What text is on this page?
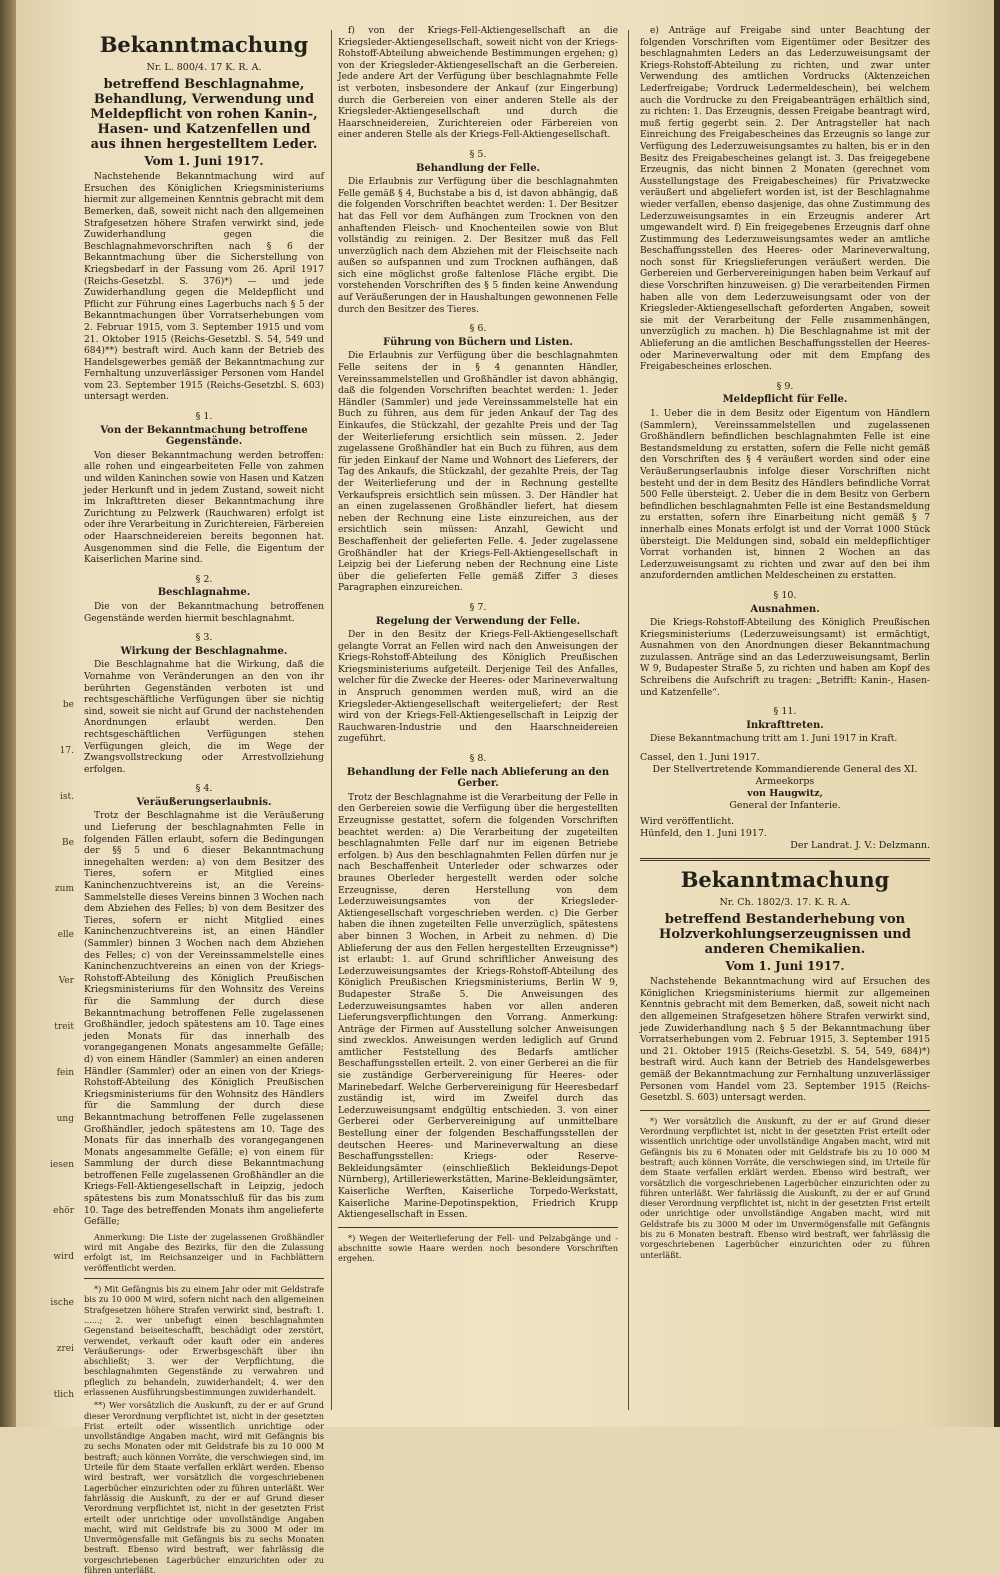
be
17.
ist.
Be
zum
elle
Ver
treit
fein
ung
iesen
ehör
wird
ische
zrei
tlich
Bekanntmachung
Nr. L. 800/4. 17 K. R. A.
betreffend Beschlagnahme, Behandlung, Verwendung und Meldepflicht von rohen Kanin-, Hasen- und Katzenfellen und aus ihnen hergestelltem Leder.
Vom 1. Juni 1917.

Nachstehende Bekanntmachung wird auf Ersuchen des Königlichen Kriegsministeriums hiermit zur allgemeinen Kenntnis gebracht mit dem Bemerken, daß, soweit nicht nach den allgemeinen Strafgesetzen höhere Strafen verwirkt sind, jede Zuwiderhandlung gegen die Beschlagnahmevorschriften nach § 6 der Bekanntmachung über die Sicherstellung von Kriegsbedarf in der Fassung vom 26. April 1917 (Reichs-Gesetzbl. S. 376)*) — und jede Zuwiderhandlung gegen die Meldepflicht und Pflicht zur Führung eines Lagerbuchs nach § 5 der Bekanntmachungen über Vorratserhebungen vom 2. Februar 1915, vom 3. September 1915 und vom 21. Oktober 1915 (Reichs-Gesetzbl. S. 54, 549 und 684)**) bestraft wird. Auch kann der Betrieb des Handelsgewerbes gemäß der Bekanntmachung zur Fernhaltung unzuverlässiger Personen vom Handel vom 23. September 1915 (Reichs-Gesetzbl. S. 603) untersagt werden.

§ 1.
Von der Bekanntmachung betroffene Gegenstände.

Von dieser Bekanntmachung werden betroffen: alle rohen und eingearbeiteten Felle von zahmen und wilden Kaninchen sowie von Hasen und Katzen jeder Herkunft und in jedem Zustand, soweit nicht im Inkrafttreten dieser Bekanntmachung ihre Zurichtung zu Pelzwerk (Rauchwaren) erfolgt ist oder ihre Verarbeitung in Zurichtereien, Färbereien oder Haarschneidereien bereits begonnen hat. Ausgenommen sind die Felle, die Eigentum der Kaiserlichen Marine sind.

§ 2.
Beschlagnahme.

Die von der Bekanntmachung betroffenen Gegenstände werden hiermit beschlagnahmt.

§ 3.
Wirkung der Beschlagnahme.

Die Beschlagnahme hat die Wirkung, daß die Vornahme von Veränderungen an den von ihr berührten Gegenständen verboten ist und rechtsgeschäftliche Verfügungen über sie nichtig sind, soweit sie nicht auf Grund der nachstehenden Anordnungen erlaubt werden. Den rechtsgeschäftlichen Verfügungen stehen Verfügungen gleich, die im Wege der Zwangsvollstreckung oder Arrestvollziehung erfolgen.

§ 4.
Veräußerungserlaubnis.

Trotz der Beschlagnahme ist die Veräußerung und Lieferung der beschlagnahmten Felle in folgenden Fällen erlaubt, sofern die Bedingungen der §§ 5 und 6 dieser Bekanntmachung innegehalten werden: a) von dem Besitzer des Tieres, sofern er Mitglied eines Kaninchenzuchtvereins ist, an die Vereins-Sammelstelle dieses Vereins binnen 3 Wochen nach dem Abziehen des Felles; b) von dem Besitzer des Tieres, sofern er nicht Mitglied eines Kaninchenzuchtvereins ist, an einen Händler (Sammler) binnen 3 Wochen nach dem Abziehen des Felles; c) von der Vereinssammelstelle eines Kaninchenzuchtvereins an einen von der Kriegs-Rohstoff-Abteilung des Königlich Preußischen Kriegsministeriums für den Wohnsitz des Vereins für die Sammlung der durch diese Bekanntmachung betroffenen Felle zugelassenen Großhändler, jedoch spätestens am 10. Tage eines jeden Monats für das innerhalb des vorangegangenen Monats angesammelte Gefälle; d) von einem Händler (Sammler) an einen anderen Händler (Sammler) oder an einen von der Kriegs-Rohstoff-Abteilung des Königlich Preußischen Kriegsministeriums für den Wohnsitz des Händlers für die Sammlung der durch diese Bekanntmachung betroffenen Felle zugelassenen Großhändler, jedoch spätestens am 10. Tage des Monats für das innerhalb des vorangegangenen Monats angesammelte Gefälle; e) von einem für Sammlung der durch diese Bekanntmachung betroffenen Felle zugelassenen Großhändler an die Kriegs-Fell-Aktiengesellschaft in Leipzig, jedoch spätestens bis zum Monatsschluß für das bis zum 10. Tage des betreffenden Monats ihm angelieferte Gefälle;

Anmerkung: Die Liste der zugelassenen Großhändler wird mit Angabe des Bezirks, für den die Zulassung erfolgt ist, im Reichsanzeiger und in Fachblättern veröffentlicht werden.

*) Mit Gefängnis bis zu einem Jahr oder mit Geldstrafe bis zu 10 000 M wird, sofern nicht nach den allgemeinen Strafgesetzen höhere Strafen verwirkt sind, bestraft: 1. ......; 2. wer unbefugt einen beschlagnahmten Gegenstand beiseiteschafft, beschädigt oder zerstört, verwendet, verkauft oder kauft oder ein anderes Veräußerungs- oder Erwerbsgeschäft über ihn abschließt; 3. wer der Verpflichtung, die beschlagnahmten Gegenstände zu verwahren und pfleglich zu behandeln, zuwiderhandelt; 4. wer den erlassenen Ausführungsbestimmungen zuwiderhandelt.

**) Wer vorsätzlich die Auskunft, zu der er auf Grund dieser Verordnung verpflichtet ist, nicht in der gesetzten Frist erteilt oder wissentlich unrichtige oder unvollständige Angaben macht, wird mit Gefängnis bis zu sechs Monaten oder mit Geldstrafe bis zu 10 000 M bestraft; auch können Vorräte, die verschwiegen sind, im Urteile für dem Staate verfallen erklärt werden. Ebenso wird bestraft, wer vorsätzlich die vorgeschriebenen Lagerbücher einzurichten oder zu führen unterläßt. Wer fahrlässig die Auskunft, zu der er auf Grund dieser Verordnung verpflichtet ist, nicht in der gesetzten Frist erteilt oder unrichtige oder unvollständige Angaben macht, wird mit Geldstrafe bis zu 3000 M oder im Unvermögensfalle mit Gefängnis bis zu sechs Monaten bestraft. Ebenso wird bestraft, wer fahrlässig die vorgeschriebenen Lagerbücher einzurichten oder zu führen unterläßt.

f) von der Kriegs-Fell-Aktiengesellschaft an die Kriegsleder-Aktiengesellschaft, soweit nicht von der Kriegs-Rohstoff-Abteilung abweichende Bestimmungen ergehen; g) von der Kriegsleder-Aktiengesellschaft an die Gerbereien. Jede andere Art der Verfügung über beschlagnahmte Felle ist verboten, insbesondere der Ankauf (zur Eingerbung) durch die Gerbereien von einer anderen Stelle als der Kriegsleder-Aktiengesellschaft und durch die Haarschneidereien, Zurichtereien oder Färbereien von einer anderen Stelle als der Kriegs-Fell-Aktiengesellschaft.

§ 5.
Behandlung der Felle.

Die Erlaubnis zur Verfügung über die beschlagnahmten Felle gemäß § 4, Buchstabe a bis d, ist davon abhängig, daß die folgenden Vorschriften beachtet werden: 1. Der Besitzer hat das Fell vor dem Aufhängen zum Trocknen von den anhaftenden Fleisch- und Knochenteilen sowie von Blut vollständig zu reinigen. 2. Der Besitzer muß das Fell unverzüglich nach dem Abziehen mit der Fleischseite nach außen so aufspannen und zum Trocknen aufhängen, daß sich eine möglichst große faltenlose Fläche ergibt. Die vorstehenden Vorschriften des § 5 finden keine Anwendung auf Veräußerungen der in Haushaltungen gewonnenen Felle durch den Besitzer des Tieres.

§ 6.
Führung von Büchern und Listen.

Die Erlaubnis zur Verfügung über die beschlagnahmten Felle seitens der in § 4 genannten Händler, Vereinssammelstellen und Großhändler ist davon abhängig, daß die folgenden Vorschriften beachtet werden: 1. Jeder Händler (Sammler) und jede Vereinssammelstelle hat ein Buch zu führen, aus dem für jeden Ankauf der Tag des Einkaufes, die Stückzahl, der gezahlte Preis und der Tag der Weiterlieferung ersichtlich sein müssen. 2. Jeder zugelassene Großhändler hat ein Buch zu führen, aus dem für jeden Einkauf der Name und Wohnort des Lieferers, der Tag des Ankaufs, die Stückzahl, der gezahlte Preis, der Tag der Weiterlieferung und der in Rechnung gestellte Verkaufspreis ersichtlich sein müssen. 3. Der Händler hat an einen zugelassenen Großhändler liefert, hat diesem neben der Rechnung eine Liste einzureichen, aus der ersichtlich sein müssen: Anzahl, Gewicht und Beschaffenheit der gelieferten Felle. 4. Jeder zugelassene Großhändler hat der Kriegs-Fell-Aktiengesellschaft in Leipzig bei der Lieferung neben der Rechnung eine Liste über die gelieferten Felle gemäß Ziffer 3 dieses Paragraphen einzureichen.

§ 7.
Regelung der Verwendung der Felle.

Der in den Besitz der Kriegs-Fell-Aktiengesellschaft gelangte Vorrat an Fellen wird nach den Anweisungen der Kriegs-Rohstoff-Abteilung des Königlich Preußischen Kriegsministeriums aufgeteilt. Derjenige Teil des Anfalles, welcher für die Zwecke der Heeres- oder Marineverwaltung in Anspruch genommen werden muß, wird an die Kriegsleder-Aktiengesellschaft weitergeliefert; der Rest wird von der Kriegs-Fell-Aktiengesellschaft in Leipzig der Rauchwaren-Industrie und den Haarschneidereien zugeführt.

§ 8.
Behandlung der Felle nach Ablieferung an den Gerber.

Trotz der Beschlagnahme ist die Verarbeitung der Felle in den Gerbereien sowie die Verfügung über die hergestellten Erzeugnisse gestattet, sofern die folgenden Vorschriften beachtet werden: a) Die Verarbeitung der zugeteilten beschlagnahmten Felle darf nur im eigenen Betriebe erfolgen. b) Aus den beschlagnahmten Fellen dürfen nur je nach Beschaffenheit Unterleder oder schwarzes oder braunes Oberleder hergestellt werden oder solche Erzeugnisse, deren Herstellung von dem Lederzuweisungsamtes von der Kriegsleder-Aktiengesellschaft vorgeschrieben werden. c) Die Gerber haben die ihnen zugeteilten Felle unverzüglich, spätestens aber binnen 3 Wochen, in Arbeit zu nehmen. d) Die Ablieferung der aus den Fellen hergestellten Erzeugnisse*) ist erlaubt: 1. auf Grund schriftlicher Anweisung des Lederzuweisungsamtes der Kriegs-Rohstoff-Abteilung des Königlich Preußischen Kriegsministeriums, Berlin W 9, Budapester Straße 5. Die Anweisungen des Lederzuweisungsamtes haben vor allen anderen Lieferungsverpflichtungen den Vorrang. Anmerkung: Anträge der Firmen auf Ausstellung solcher Anweisungen sind zwecklos. Anweisungen werden lediglich auf Grund amtlicher Feststellung des Bedarfs amtlicher Beschaffungsstellen erteilt. 2. von einer Gerberei an die für sie zuständige Gerbervereinigung für Heeres- oder Marinebedarf. Welche Gerbervereinigung für Heeresbedarf zuständig ist, wird im Zweifel durch das Lederzuweisungsamt endgültig entschieden. 3. von einer Gerberei oder Gerbervereinigung auf unmittelbare Bestellung einer der folgenden Beschaffungsstellen der deutschen Heeres- und Marineverwaltung an diese Beschaffungsstellen: Kriegs- oder Reserve-Bekleidungsämter (einschließlich Bekleidungs-Depot Nürnberg), Artilleriewerkstätten, Marine-Bekleidungsämter, Kaiserliche Werften, Kaiserliche Torpedo-Werkstatt, Kaiserliche Marine-Depotinspektion, Friedrich Krupp Aktiengesellschaft in Essen.

*) Wegen der Weiterlieferung der Fell- und Pelzabgänge und -abschnitte sowie Haare werden noch besondere Vorschriften ergehen.

e) Anträge auf Freigabe sind unter Beachtung der folgenden Vorschriften vom Eigentümer oder Besitzer des beschlagnahmten Leders an das Lederzuweisungsamt der Kriegs-Rohstoff-Abteilung zu richten, und zwar unter Verwendung des amtlichen Vordrucks (Aktenzeichen Lederfreigabe; Vordruck Ledermeldeschein), bei welchem auch die Vordrucke zu den Freigabeanträgen erhältlich sind, zu richten: 1. Das Erzeugnis, dessen Freigabe beantragt wird, muß fertig gegerbt sein. 2. Der Antragsteller hat nach Einreichung des Freigabescheines das Erzeugnis so lange zur Verfügung des Lederzuweisungsamtes zu halten, bis er in den Besitz des Freigabescheines gelangt ist. 3. Das freigegebene Erzeugnis, das nicht binnen 2 Monaten (gerechnet vom Ausstellungstage des Freigabescheines) für Privatzwecke veräußert und abgeliefert worden ist, ist der Beschlagnahme wieder verfallen, ebenso dasjenige, das ohne Zustimmung des Lederzuweisungsamtes in ein Erzeugnis anderer Art umgewandelt wird. f) Ein freigegebenes Erzeugnis darf ohne Zustimmung des Lederzuweisungsamtes weder an amtliche Beschaffungsstellen des Heeres- oder Marineverwaltung, noch sonst für Kriegslieferungen veräußert werden. Die Gerbereien und Gerbervereinigungen haben beim Verkauf auf diese Vorschriften hinzuweisen. g) Die verarbeitenden Firmen haben alle von dem Lederzuweisungsamt oder von der Kriegsleder-Aktiengesellschaft geforderten Angaben, soweit sie mit der Verarbeitung der Felle zusammenhängen, unverzüglich zu machen. h) Die Beschlagnahme ist mit der Ablieferung an die amtlichen Beschaffungsstellen der Heeres- oder Marineverwaltung oder mit dem Empfang des Freigabescheines erloschen.

§ 9.
Meldepflicht für Felle.

1. Ueber die in dem Besitz oder Eigentum von Händlern (Sammlern), Vereinssammelstellen und zugelassenen Großhändlern befindlichen beschlagnahmten Felle ist eine Bestandsmeldung zu erstatten, sofern die Felle nicht gemäß den Vorschriften des § 4 veräußert worden sind oder eine Veräußerungserlaubnis infolge dieser Vorschriften nicht besteht und der in dem Besitz des Händlers befindliche Vorrat 500 Felle übersteigt. 2. Ueber die in dem Besitz von Gerbern befindlichen beschlagnahmten Felle ist eine Bestandsmeldung zu erstatten, sofern ihre Einarbeitung nicht gemäß § 7 innerhalb eines Monats erfolgt ist und der Vorrat 1000 Stück übersteigt. Die Meldungen sind, sobald ein meldepflichtiger Vorrat vorhanden ist, binnen 2 Wochen an das Lederzuweisungsamt zu richten und zwar auf den bei ihm anzufordernden amtlichen Meldescheinen zu erstatten.

§ 10.
Ausnahmen.

Die Kriegs-Rohstoff-Abteilung des Königlich Preußischen Kriegsministeriums (Lederzuweisungsamt) ist ermächtigt, Ausnahmen von den Anordnungen dieser Bekanntmachung zuzulassen. Anträge sind an das Lederzuweisungsamt, Berlin W 9, Budapester Straße 5, zu richten und haben am Kopf des Schreibens die Aufschrift zu tragen: „Betrifft: Kanin-, Hasen- und Katzenfelle“.

§ 11.
Inkrafttreten.

Diese Bekanntmachung tritt am 1. Juni 1917 in Kraft.

Cassel, den 1. Juni 1917.
Der Stellvertretende Kommandierende General des XI. Armeekorps
von Haugwitz,
General der Infanterie.
Wird veröffentlicht.
Hünfeld, den 1. Juni 1917.
Der Landrat. J. V.: Delzmann.
Bekanntmachung
Nr. Ch. 1802/3. 17. K. R. A.
betreffend Bestanderhebung von Holzverkohlungserzeugnissen und anderen Chemikalien.
Vom 1. Juni 1917.

Nachstehende Bekanntmachung wird auf Ersuchen des Königlichen Kriegsministeriums hiermit zur allgemeinen Kenntnis gebracht mit dem Bemerken, daß, soweit nicht nach den allgemeinen Strafgesetzen höhere Strafen verwirkt sind, jede Zuwiderhandlung nach § 5 der Bekanntmachung über Vorratserhebungen vom 2. Februar 1915, 3. September 1915 und 21. Oktober 1915 (Reichs-Gesetzbl. S. 54, 549, 684)*) bestraft wird. Auch kann der Betrieb des Handelsgewerbes gemäß der Bekanntmachung zur Fernhaltung unzuverlässiger Personen vom Handel vom 23. September 1915 (Reichs-Gesetzbl. S. 603) untersagt werden.

*) Wer vorsätzlich die Auskunft, zu der er auf Grund dieser Verordnung verpflichtet ist, nicht in der gesetzten Frist erteilt oder wissentlich unrichtige oder unvollständige Angaben macht, wird mit Gefängnis bis zu 6 Monaten oder mit Geldstrafe bis zu 10 000 M bestraft; auch können Vorräte, die verschwiegen sind, im Urteile für dem Staate verfallen erklärt werden. Ebenso wird bestraft, wer vorsätzlich die vorgeschriebenen Lagerbücher einzurichten oder zu führen unterläßt. Wer fahrlässig die Auskunft, zu der er auf Grund dieser Verordnung verpflichtet ist, nicht in der gesetzten Frist erteilt oder unrichtige oder unvollständige Angaben macht, wird mit Geldstrafe bis zu 3000 M oder im Unvermögensfalle mit Gefängnis bis zu 6 Monaten bestraft. Ebenso wird bestraft, wer fahrlässig die vorgeschriebenen Lagerbücher einzurichten oder zu führen unterläßt.
